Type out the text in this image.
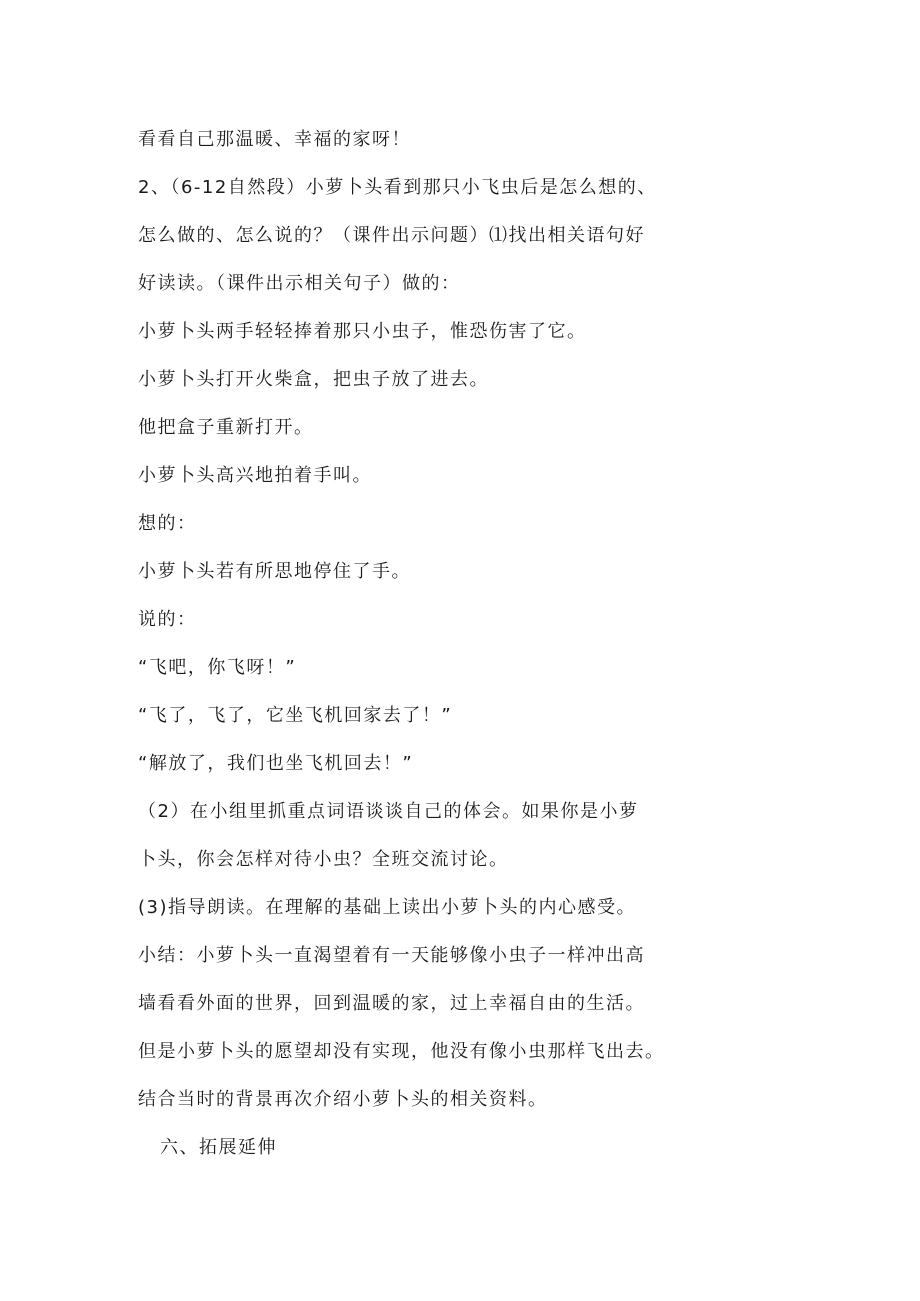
看看自己那温暖、幸福的家呀！
2、（6-12自然段）小萝卜头看到那只小飞虫后是怎么想的、
怎么做的、怎么说的？（课件出示问题）⑴找出相关语句好
好读读。（课件出示相关句子）做的：
小萝卜头两手轻轻捧着那只小虫子，惟恐伤害了它。
小萝卜头打开火柴盒，把虫子放了进去。
他把盒子重新打开。
小萝卜头高兴地拍着手叫。
想的：
小萝卜头若有所思地停住了手。
说的：
“飞吧，你飞呀！”
“飞了，飞了，它坐飞机回家去了！”
“解放了，我们也坐飞机回去！”
（2）在小组里抓重点词语谈谈自己的体会。如果你是小萝
卜头，你会怎样对待小虫？全班交流讨论。
(3)指导朗读。在理解的基础上读出小萝卜头的内心感受。
小结：小萝卜头一直渴望着有一天能够像小虫子一样冲出高
墙看看外面的世界，回到温暖的家，过上幸福自由的生活。
但是小萝卜头的愿望却没有实现，他没有像小虫那样飞出去。
结合当时的背景再次介绍小萝卜头的相关资料。
六、拓展延伸
